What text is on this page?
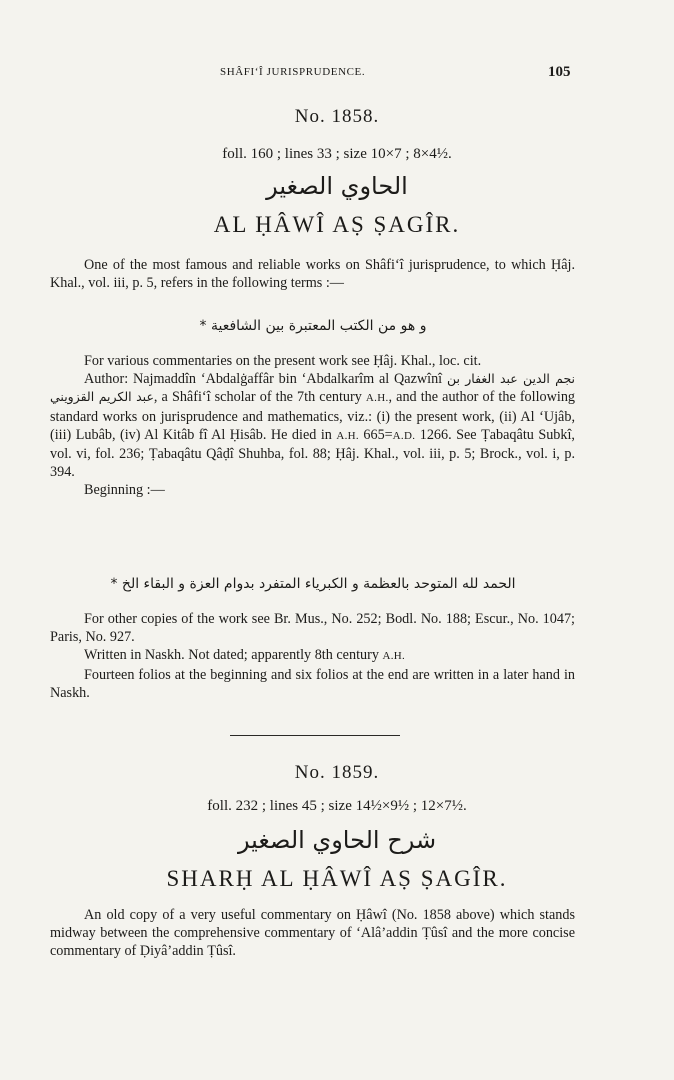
SHÂFI‘Î JURISPRUDENCE.	105
No. 1858.
foll. 160 ; lines 33 ; size 10×7 ; 8×4½.
الحاوي الصغير
AL ḤÂWÎ AṢ ṢAGÎR.

One of the most famous and reliable works on Shâfi‘î jurisprudence, to which Ḥâj. Khal., vol. iii, p. 5, refers in the following terms :—

و هو من الكتب المعتبرة بين الشافعية *

For various commentaries on the present work see Ḥâj. Khal., loc. cit.

Author: Najmaddîn ‘Abdalġaffâr bin ‘Abdalkarîm al Qazwînî نجم الدين عبد الغفار بن عبد الكريم القزويني, a Shâfi‘î scholar of the 7th century A.H., and the author of the following standard works on jurisprudence and mathematics, viz.: (i) the present work, (ii) Al ‘Ujâb, (iii) Lubâb, (iv) Al Kitâb fî Al Ḥisâb. He died in A.H. 665=A.D. 1266. See Ṭabaqâtu Subkî, vol. vi, fol. 236; Ṭabaqâtu Qâḍî Shuhba, fol. 88; Ḥâj. Khal., vol. iii, p. 5; Brock., vol. i, p. 394.

Beginning :—

الحمد لله المتوحد بالعظمة و الكبرياء المتفرد بدوام العزة و البقاء الخ *

For other copies of the work see Br. Mus., No. 252; Bodl. No. 188; Escur., No. 1047; Paris, No. 927.

Written in Naskh. Not dated; apparently 8th century A.H.

Fourteen folios at the beginning and six folios at the end are written in a later hand in Naskh.

No. 1859.
foll. 232 ; lines 45 ; size 14½×9½ ; 12×7½.
شرح الحاوي الصغير
SHARḤ AL ḤÂWÎ AṢ ṢAGÎR.

An old copy of a very useful commentary on Ḥâwî (No. 1858 above) which stands midway between the comprehensive commentary of ‘Alâ’addin Ṭûsî and the more concise commentary of Ḍiyâ’addin Ṭûsî.
